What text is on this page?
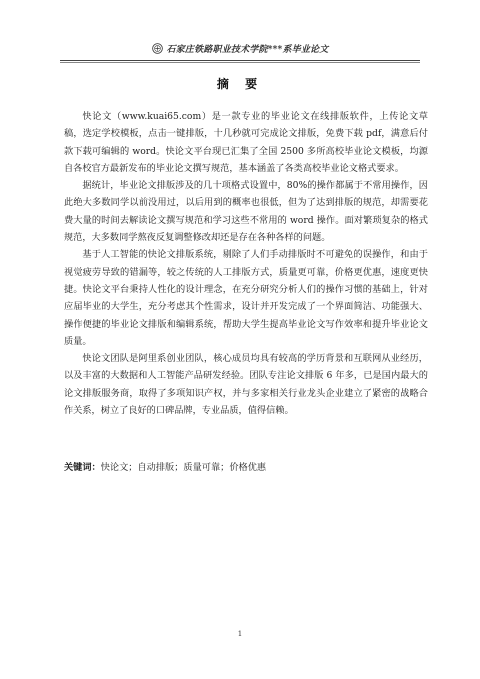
石家庄铁路职业技术学院***系毕业论文
摘 要

快论文（www.kuai65.com）是一款专业的毕业论文在线排版软件，上传论文草稿，选定学校模板，点击一键排版，十几秒就可完成论文排版，免费下载 pdf，满意后付款下载可编辑的 word。快论文平台现已汇集了全国 2500 多所高校毕业论文模板，均源自各校官方最新发布的毕业论文撰写规范，基本涵盖了各类高校毕业论文格式要求。

据统计，毕业论文排版涉及的几十项格式设置中，80%的操作都属于不常用操作，因此绝大多数同学以前没用过，以后用到的概率也很低，但为了达到排版的规范，却需要花费大量的时间去解读论文撰写规范和学习这些不常用的 word 操作。面对繁琐复杂的格式规范，大多数同学熬夜反复调整修改却还是存在各种各样的问题。

基于人工智能的快论文排版系统，剔除了人们手动排版时不可避免的误操作，和由于视觉疲劳导致的错漏等，较之传统的人工排版方式，质量更可靠，价格更优惠，速度更快捷。快论文平台秉持人性化的设计理念，在充分研究分析人们的操作习惯的基础上，针对应届毕业的大学生，充分考虑其个性需求，设计并开发完成了一个界面简洁、功能强大、操作便捷的毕业论文排版和编辑系统，帮助大学生提高毕业论文写作效率和提升毕业论文质量。

快论文团队是阿里系创业团队，核心成员均具有较高的学历背景和互联网从业经历，以及丰富的大数据和人工智能产品研发经验。团队专注论文排版 6 年多，已是国内最大的论文排版服务商，取得了多项知识产权，并与多家相关行业龙头企业建立了紧密的战略合作关系，树立了良好的口碑品牌，专业品质，值得信赖。

关键词：快论文；自动排版；质量可靠；价格优惠
1
